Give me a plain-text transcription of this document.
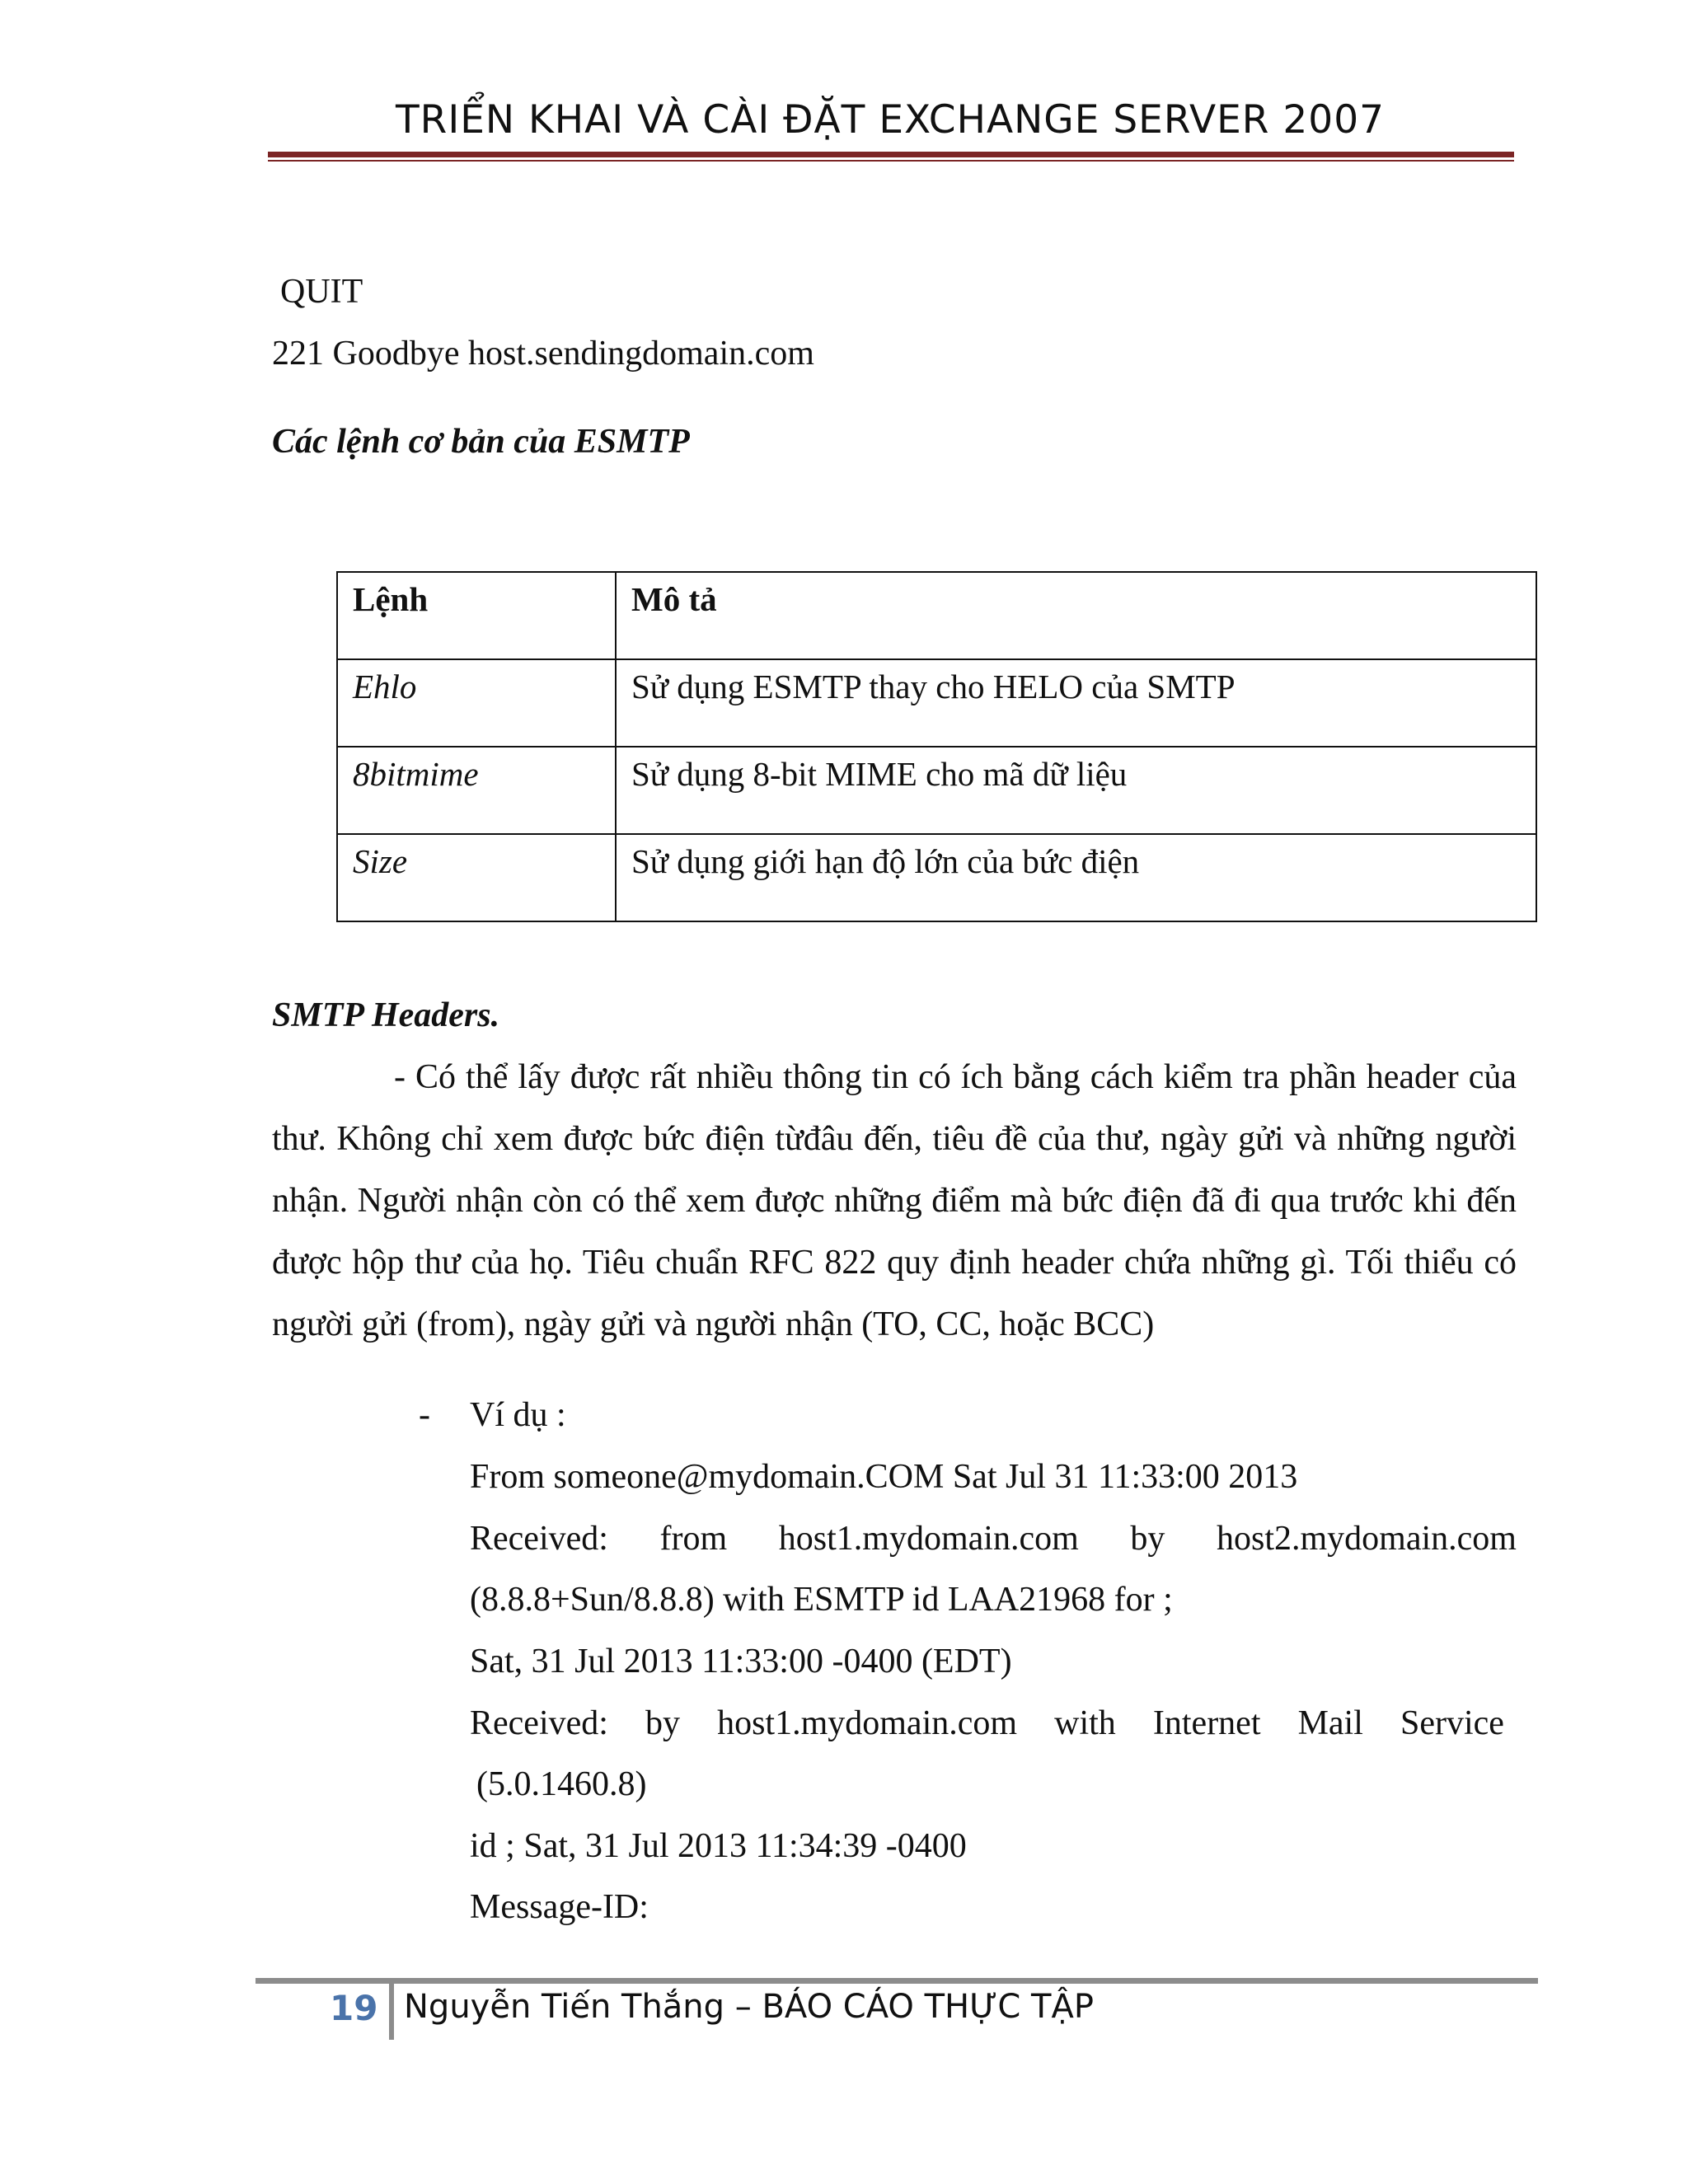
TRIỂN KHAI VÀ CÀI ĐẶT EXCHANGE SERVER 2007
QUIT
221 Goodbye host.sendingdomain.com
Các lệnh cơ bản của ESMTP
Lệnh	Mô tả
Ehlo	Sử dụng ESMTP thay cho HELO của SMTP
8bitmime	Sử dụng 8-bit MIME cho mã dữ liệu
Size	Sử dụng giới hạn độ lớn của bức điện
SMTP Headers.
- Có thể lấy được rất nhiều thông tin có ích bằng cách kiểm tra phần header của thư. Không chỉ xem được bức điện từđâu đến, tiêu đề của thư, ngày gửi và những người nhận. Người nhận còn có thể xem được những điểm mà bức điện đã đi qua trước khi đến được hộp thư của họ. Tiêu chuẩn RFC 822 quy định header chứa những gì. Tối thiểu có người gửi (from), ngày gửi và người nhận (TO, CC, hoặc BCC)
- Ví dụ :
From someone@mydomain.COM Sat Jul 31 11:33:00 2013
Received: from host1.mydomain.com by host2.mydomain.com
(8.8.8+Sun/8.8.8) with ESMTP id LAA21968 for ;
Sat, 31 Jul 2013 11:33:00 -0400 (EDT)
Received: by host1.mydomain.com with Internet Mail Service
(5.0.1460.8)
id ; Sat, 31 Jul 2013 11:34:39 -0400
Message-ID:
19 Nguyễn Tiến Thắng – BÁO CÁO THỰC TẬP
